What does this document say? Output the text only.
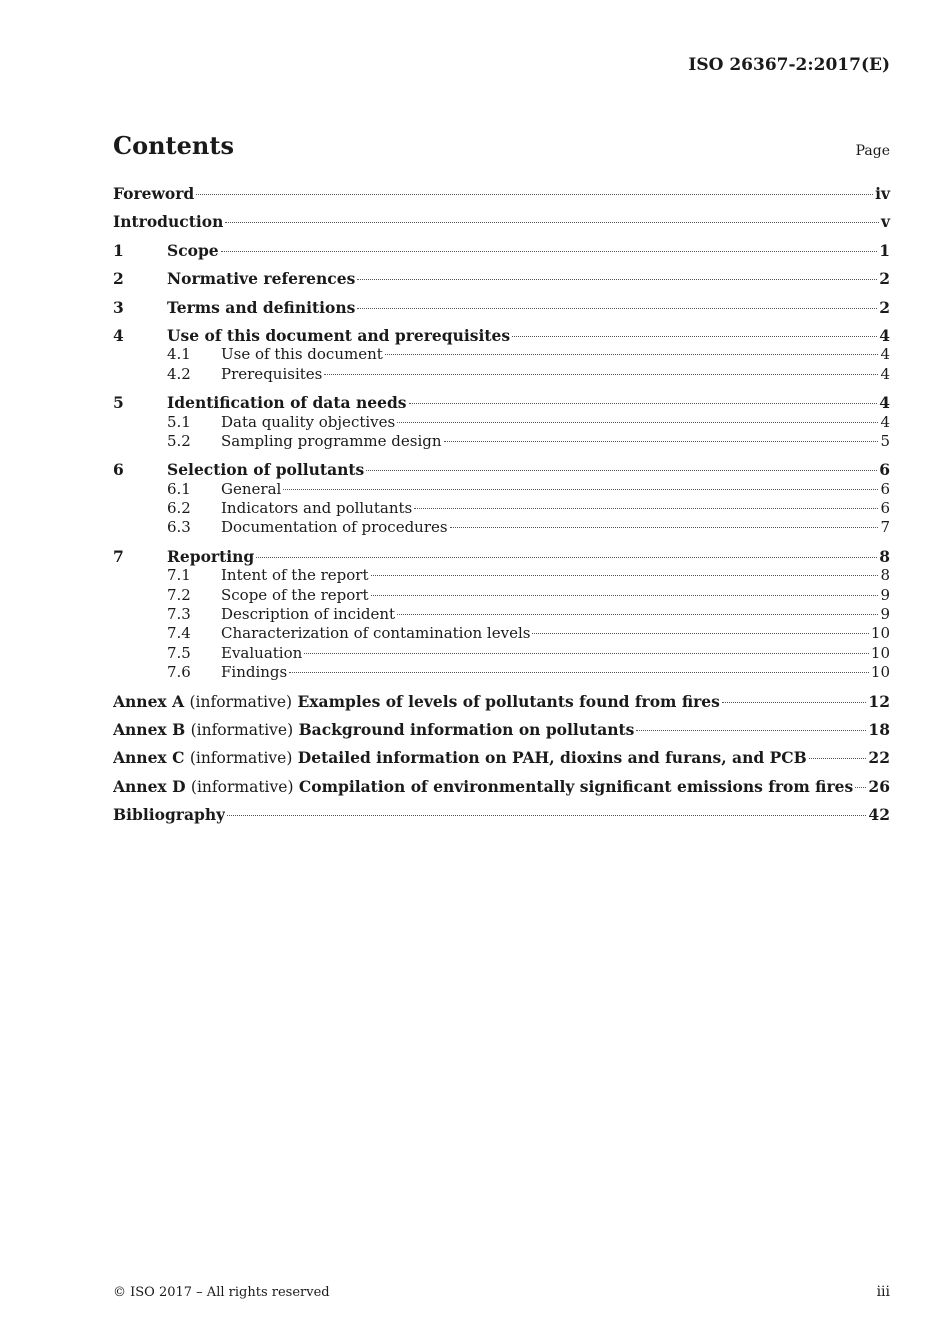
ISO 26367-2:2017(E)
Contents	Page
Foreword	iv
Introduction	v
1	Scope	1
2	Normative references	2
3	Terms and definitions	2
4	Use of this document and prerequisites	4
4.1	Use of this document	4
4.2	Prerequisites	4
5	Identification of data needs	4
5.1	Data quality objectives	4
5.2	Sampling programme design	5
6	Selection of pollutants	6
6.1	General	6
6.2	Indicators and pollutants	6
6.3	Documentation of procedures	7
7	Reporting	8
7.1	Intent of the report	8
7.2	Scope of the report	9
7.3	Description of incident	9
7.4	Characterization of contamination levels	10
7.5	Evaluation	10
7.6	Findings	10
Annex A (informative) Examples of levels of pollutants found from fires	12
Annex B (informative) Background information on pollutants	18
Annex C (informative) Detailed information on PAH, dioxins and furans, and PCB	22
Annex D (informative) Compilation of environmentally significant emissions from fires 26
Bibliography	42
© ISO 2017 – All rights reserved	iii
